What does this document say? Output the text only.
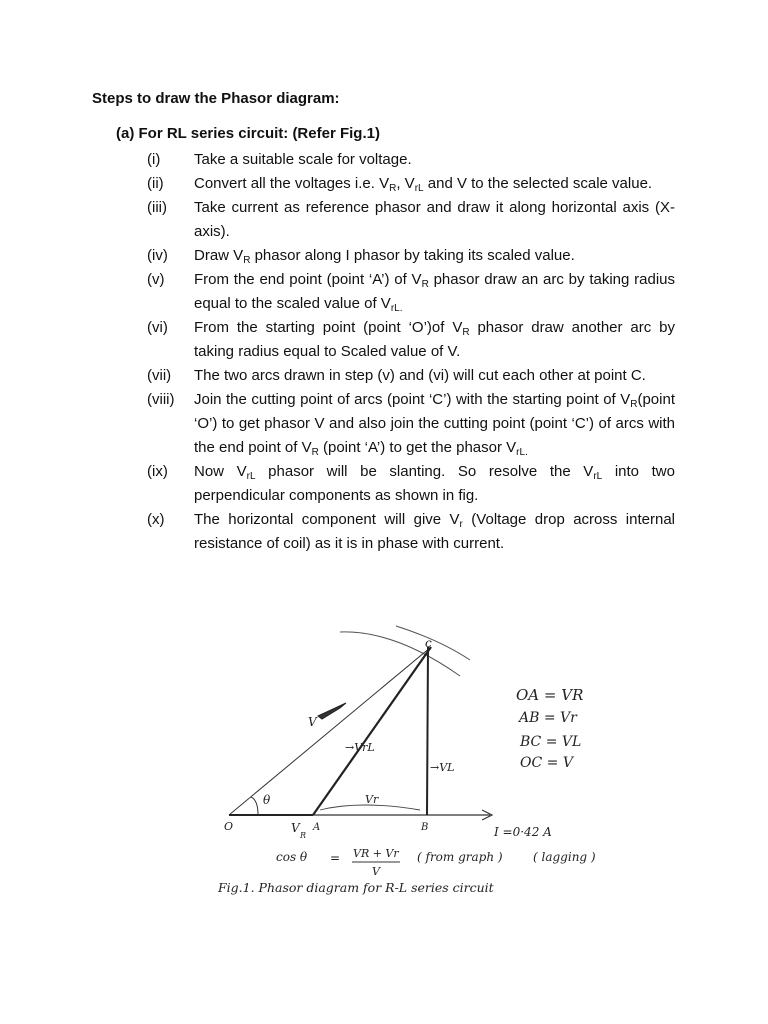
Steps to draw the Phasor diagram:
(a) For RL series circuit: (Refer Fig.1)
(i)	Take a suitable scale for voltage.
(ii)	Convert all the voltages i.e. $V_R$, $V_{rL}$ and V to the selected scale value.
(iii)	Take current as reference phasor and draw it along horizontal axis (X-axis).
(iv)	Draw $V_R$ phasor along I phasor by taking its scaled value.
(v)	From the end point (point ‘A’) of $V_R$ phasor draw an arc by taking radius equal to the scaled value of $V_{rL.}$
(vi)	From the starting point (point ‘O’)of $V_R$ phasor draw another arc by taking radius equal to Scaled value of V.
(vii)	The two arcs drawn in step (v) and (vi) will cut each other at point C.
(viii)	Join the cutting point of arcs (point ‘C’) with the starting point of $V_R(point$ ‘O’) to get phasor V and also join the cutting point (point ‘C’) of arcs with the end point of $V_R$ (point ‘A’) to get the phasor $V_{rL.}$
(ix)	Now $V_{rL}$ phasor will be slanting. So resolve the $V_{rL}$ into two perpendicular components as shown in fig.
(x)	The horizontal component will give $V_r$ (Voltage drop across internal resistance of coil) as it is in phase with current.
c
O	A	B
V
R
V
→VrL
→VL
Vr
θ
I =0·42 A
OA = VR
AB = Vr
BC = VL
OC = V
cos θ = VR + Vr
V
( from graph )	( lagging )
Fig.1. Phasor diagram for R-L series circuit
